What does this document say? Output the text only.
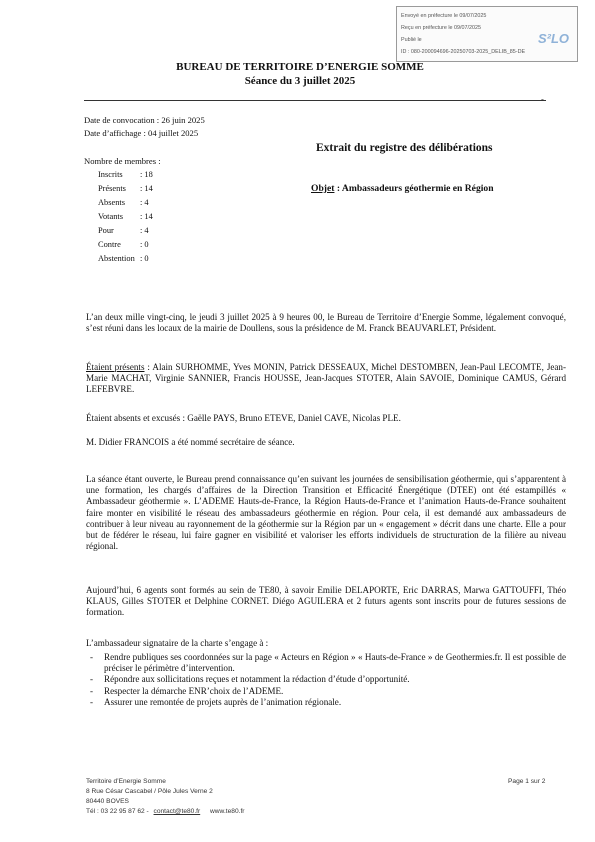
Envoyé en préfecture le 09/07/2025
Reçu en préfecture le 09/07/2025
Publié le
ID : 080-200094696-20250703-2025_DELIB_85-DE
S²LO
BUREAU DE TERRITOIRE D’ENERGIE SOMME
Séance du 3 juillet 2025
-
Date de convocation : 26 juin 2025
Date d’affichage : 04 juillet 2025
Nombre de membres :
Inscrits : 18
Présents : 14
Absents : 4
Votants : 14
Pour	: 4
Contre : 0
Abstention : 0
Extrait du registre des délibérations
Objet : Ambassadeurs géothermie en Région
L’an deux mille vingt-cinq, le jeudi 3 juillet 2025 à 9 heures 00, le Bureau de Territoire d’Energie Somme, légalement convoqué, s’est réuni dans les locaux de la mairie de Doullens, sous la présidence de M. Franck BEAUVARLET, Président.
Étaient présents : Alain SURHOMME, Yves MONIN, Patrick DESSEAUX, Michel DESTOMBEN, Jean-Paul LECOMTE, Jean-Marie MACHAT, Virginie SANNIER, Francis HOUSSE, Jean-Jacques STOTER, Alain SAVOIE, Dominique CAMUS, Gérard LEFEBVRE.
Étaient absents et excusés : Gaëlle PAYS, Bruno ETEVE, Daniel CAVE, Nicolas PLE.
M. Didier FRANCOIS a été nommé secrétaire de séance.
La séance étant ouverte, le Bureau prend connaissance qu’en suivant les journées de sensibilisation géothermie, qui s’apparentent à une formation, les chargés d’affaires de la Direction Transition et Efficacité Énergétique (DTEE) ont été estampillés « Ambassadeur géothermie ». L’ADEME Hauts-de-France, la Région Hauts-de-France et l’animation Hauts-de-France souhaitent faire monter en visibilité le réseau des ambassadeurs géothermie en région. Pour cela, il est demandé aux ambassadeurs de contribuer à leur niveau au rayonnement de la géothermie sur la Région par un « engagement » décrit dans une charte. Elle a pour but de fédérer le réseau, lui faire gagner en visibilité et valoriser les efforts individuels de structuration de la filière au niveau régional.
Aujourd’hui, 6 agents sont formés au sein de TE80, à savoir Emilie DELAPORTE, Eric DARRAS, Marwa GATTOUFFI, Théo KLAUS, Gilles STOTER et Delphine CORNET. Diégo AGUILERA et 2 futurs agents sont inscrits pour de futures sessions de formation.
L’ambassadeur signataire de la charte s’engage à :
- Rendre publiques ses coordonnées sur la page « Acteurs en Région » « Hauts-de-France » de Geothermies.fr. Il est possible de préciser le périmètre d’intervention.
- Répondre aux sollicitations reçues et notamment la rédaction d’étude d’opportunité.
- Respecter la démarche ENR’choix de l’ADEME.
- Assurer une remontée de projets auprès de l’animation régionale.
Territoire d’Energie Somme
8 Rue César Cascabel / Pôle Jules Verne 2
80440 BOVES
Tél : 03 22 95 87 62 - contact@te80.fr www.te80.fr
Page 1 sur 2
